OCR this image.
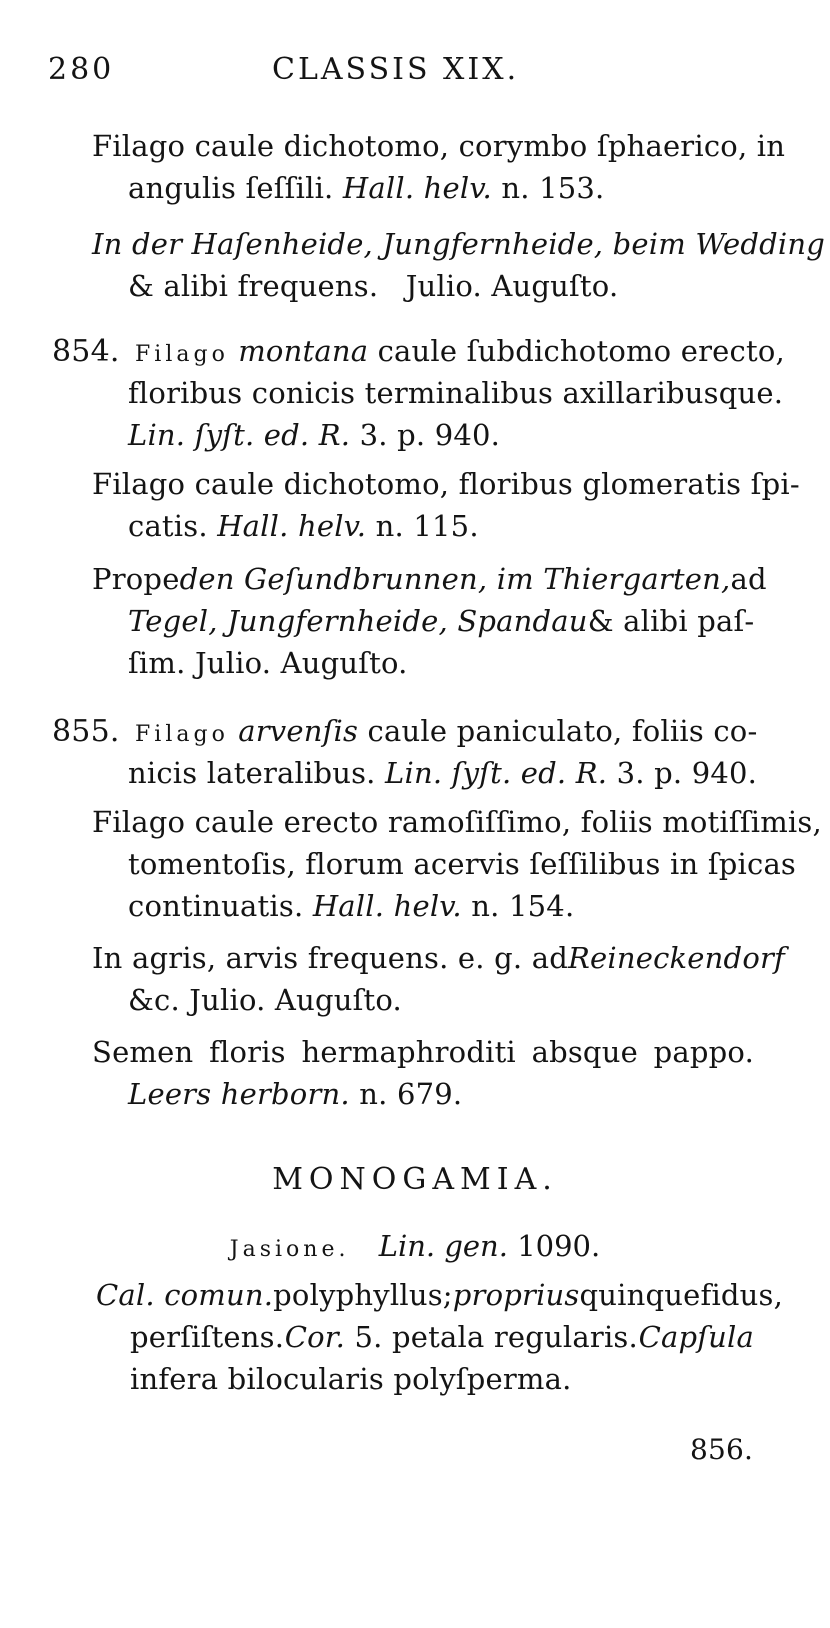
280	CLASSIS XIX.
Filago caule dichotomo, corymbo ſphaerico, in
angulis ſeſſili. Hall. helv. n. 153.
In der Haſenheide, Jungfernheide, beim Wedding
& alibi frequens. Julio. Auguſto.
854. Filago montana caule ſubdichotomo erecto,
floribus conicis terminalibus axillaribusque.
Lin. ſyſt. ed. R. 3. p. 940.
Filago caule dichotomo, floribus glomeratis ſpi-
catis. Hall. helv. n. 115.
Prope den Geſundbrunnen, im Thiergarten, ad
Tegel, Jungfernheide, Spandau & alibi paſ-
ſim. Julio. Auguſto.
855. Filago arvenſis caule paniculato, foliis co-
nicis lateralibus. Lin. ſyſt. ed. R. 3. p. 940.
Filago caule erecto ramoſiſſimo, foliis motiſſimis,
tomentoſis, florum acervis ſeſſilibus in ſpicas
continuatis. Hall. helv. n. 154.
In agris, arvis frequens. e. g. ad Reineckendorf
&c. Julio. Auguſto.
Semen floris hermaphroditi absque pappo.
Leers herborn. n. 679.
MONOGAMIA.
Jasione. Lin. gen. 1090.
Cal. comun. polyphyllus; proprius quinquefidus,
perſiſtens. Cor. 5. petala regularis. Capſula
infera bilocularis polyſperma.
856.
